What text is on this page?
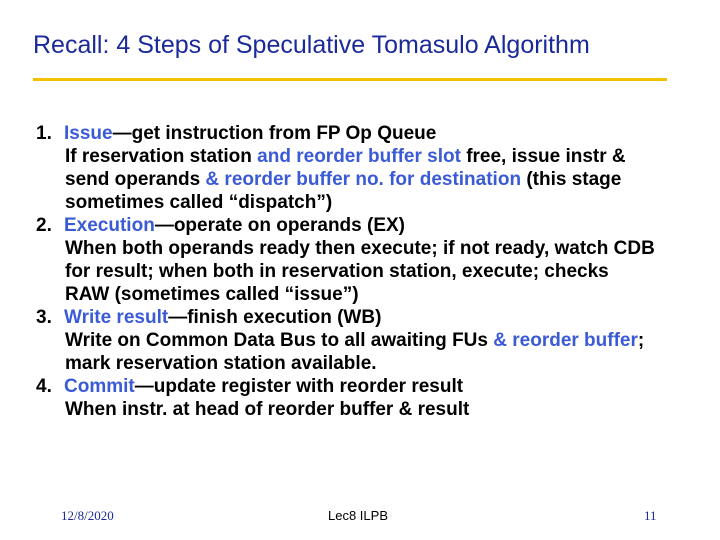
Recall: 4 Steps of Speculative Tomasulo Algorithm
1. Issue—get instruction from FP Op Queue
If reservation station and reorder buffer slot free, issue instr & send operands & reorder buffer no. for destination (this stage sometimes called “dispatch”)
2. Execution—operate on operands (EX)
When both operands ready then execute; if not ready, watch CDB for result; when both in reservation station, execute; checks RAW (sometimes called “issue”)
3. Write result—finish execution (WB)
Write on Common Data Bus to all awaiting FUs & reorder buffer; mark reservation station available.
4. Commit—update register with reorder result
When instr. at head of reorder buffer & result
12/8/2020	Lec8 ILPB	11
